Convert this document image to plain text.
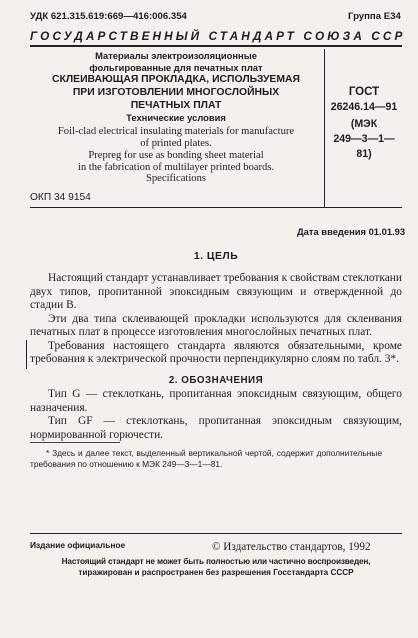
УДК 621.315.619:669—416:006.354	Группа Е34
ГОСУДАРСТВЕННЫЙ СТАНДАРТ СОЮЗА ССР
Материалы электроизоляционные
фольгированные для печатных плат
СКЛЕИВАЮЩАЯ ПРОКЛАДКА, ИСПОЛЬЗУЕМАЯ
ПРИ ИЗГОТОВЛЕНИИ МНОГОСЛОЙНЫХ
ПЕЧАТНЫХ ПЛАТ
Технические условия
Foil-clad electrical insulating materials for manufacture
of printed plates.
Prepreg for use as bonding sheet material
in the fabrication of multilayer printed boards.
Specifications
ГОСТ
26246.14—91
(МЭК
249—3—1—81)
ОКП 34 9154
Дата введения 01.01.93
1. ЦЕЛЬ

Настоящий стандарт устанавливает требования к свойствам стеклоткани двух типов, пропитанной эпоксидным связующим и отвержденной до стадии B.

Эти два типа склеивающей прокладки используются для склеивания печатных плат в процессе изготовления многослойных печатных плат.

Требования настоящего стандарта являются обязательными, кроме требования к электрической прочности перпендикулярно слоям по табл. 3*.

2. ОБОЗНАЧЕНИЯ

Тип G — стеклоткань, пропитанная эпоксидным связующим, общего назначения.

Тип GF — стеклоткань, пропитанная эпоксидным связующим, нормированной горючести.

* Здесь и далее текст, выделенный вертикальной чертой, содержит дополнительные требования по отношению к МЭК 249—3—1—81.

Издание официальное	© Издательство стандартов, 1992
Настоящий стандарт не может быть полностью или частично воспроизведен,
тиражирован и распространен без разрешения Госстандарта СССР
